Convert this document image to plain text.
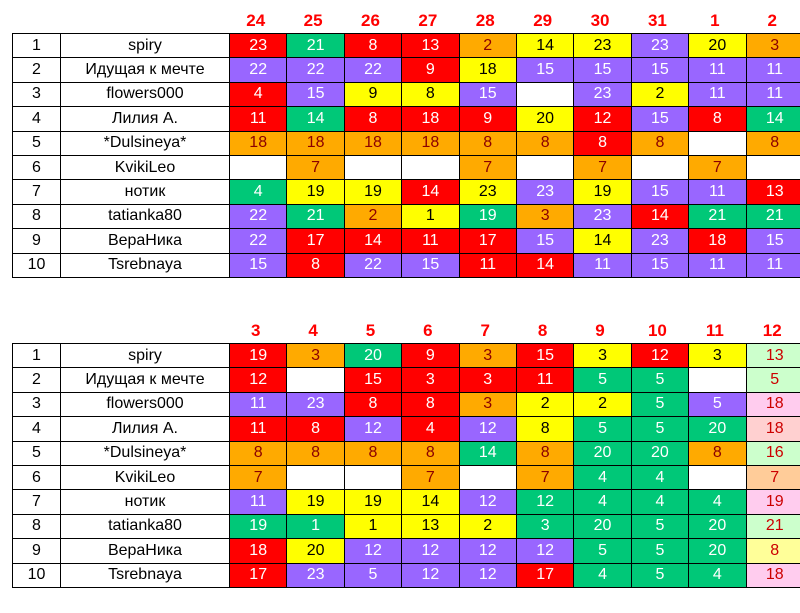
24	25	26	27	28	29	30	31	1	2
1	spiry	23	21	8	13	2	14	23	23	20	3
2	Идущая к мечте	22	22	22	9	18	15	15	15	11	11
3	flowers000	4	15	9	8	15		23	2	11	11
4	Лилия А.	11	14	8	18	9	20	12	15	8	14
5	*Dulsineya*	18	18	18	18	8	8	8	8		8
6	KvikiLeo		7			7		7		7	
7	нотик	4	19	19	14	23	23	19	15	11	13
8	tatianka80	22	21	2	1	19	3	23	14	21	21
9	ВераНика	22	17	14	11	17	15	14	23	18	15
10	Tsrebnaya	15	8	22	15	11	14	11	15	11	11
3	4	5	6	7	8	9	10	11	12
1	spiry	19	3	20	9	3	15	3	12	3	13
2	Идущая к мечте	12		15	3	3	11	5	5		5
3	flowers000	11	23	8	8	3	2	2	5	5	18
4	Лилия А.	11	8	12	4	12	8	5	5	20	18
5	*Dulsineya*	8	8	8	8	14	8	20	20	8	16
6	KvikiLeo	7			7		7	4	4		7
7	нотик	11	19	19	14	12	12	4	4	4	19
8	tatianka80	19	1	1	13	2	3	20	5	20	21
9	ВераНика	18	20	12	12	12	12	5	5	20	8
10	Tsrebnaya	17	23	5	12	12	17	4	5	4	18
